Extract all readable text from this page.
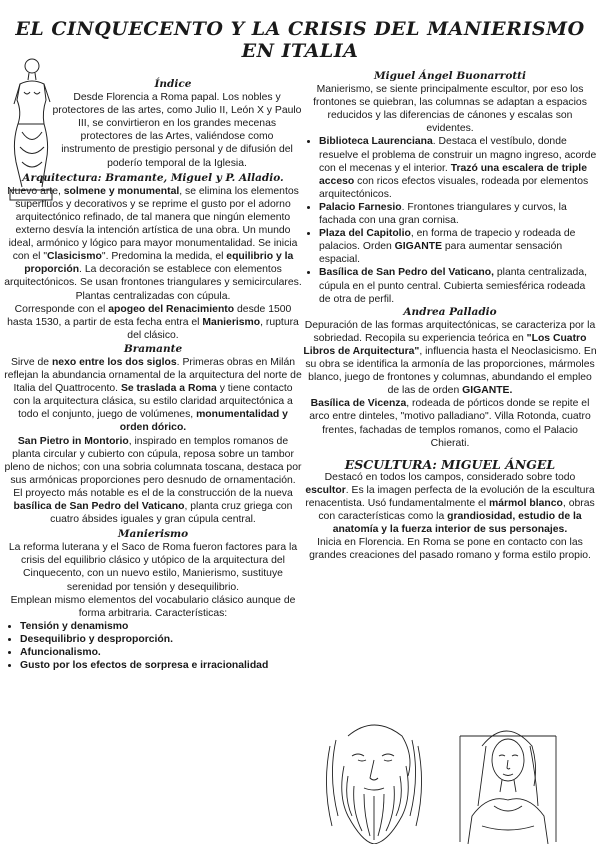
EL CINQUECENTO Y LA CRISIS DEL MANIERISMO EN ITALIA

Índice

Desde Florencia a Roma papal. Los nobles y protectores de las artes, como Julio II, León X y Paulo III, se convirtieron en los grandes mecenas protectores de las Artes, valiéndose como instrumento de prestigio personal y de difusión del poderío temporal de la Iglesia.

Arquitectura: Bramante, Miguel y P. Alladio.

Nuevo arte, solmene y monumental, se elimina los elementos superfluos y decorativos y se reprime el gusto por el adorno arquitectónico refinado, de tal manera que ningún elemento externo desvía la intención artística de una obra. Un mundo ideal, armónico y lógico para mayor monumentalidad. Se inicia con el "Clasicismo". Predomina la medida, el equilibrio y la proporción. La decoración se establece con elementos arquitectónicos. Se usan frontones triangulares y semicirculares. Plantas centralizadas con cúpula.

Corresponde con el apogeo del Renacimiento desde 1500 hasta 1530, a partir de esta fecha entra el Manierismo, ruptura del clásico.

Bramante

Sirve de nexo entre los dos siglos. Primeras obras en Milán reflejan la abundancia ornamental de la arquitectura del norte de Italia del Quattrocento. Se traslada a Roma y tiene contacto con la arquitectura clásica, su estilo claridad arquitectónica a todo el conjunto, juego de volúmenes, monumentalidad y orden dórico.

San Pietro in Montorio, inspirado en templos romanos de planta circular y cubierto con cúpula, reposa sobre un tambor pleno de nichos; con una sobria columnata toscana, destaca por sus armónicas proporciones pero desnudo de ornamentación.

El proyecto más notable es el de la construcción de la nueva basílica de San Pedro del Vaticano, planta cruz griega con cuatro ábsides iguales y gran cúpula central.

Manierismo

La reforma luterana y el Saco de Roma fueron factores para la crisis del equilibrio clásico y utópico de la arquitectura del Cinquecento, con un nuevo estilo, Manierismo, sustituye serenidad por tensión y desequilibrio.

Emplean mismo elementos del vocabulario clásico aunque de forma arbitraria. Características:

• Tensión y denamismo
• Desequilibrio y desproporción.
• Afuncionalismo.
• Gusto por los efectos de sorpresa e irracionalidad

Miguel Ángel Buonarrotti

Manierismo, se siente principalmente escultor, por eso los frontones se quiebran, las columnas se adaptan a espacios reducidos y las diferencias de cánones y escalas son evidentes.

• Biblioteca Laurenciana. Destaca el vestíbulo, donde resuelve el problema de construir un magno ingreso, acorde con el mecenas y el interior. Trazó una escalera de triple acceso con ricos efectos visuales, rodeada por elementos arquitectónicos.
• Palacio Farnesio. Frontones triangulares y curvos, la fachada con una gran cornisa.
• Plaza del Capitolio, en forma de trapecio y rodeada de palacios. Orden GIGANTE para aumentar sensación espacial.
• Basílica de San Pedro del Vaticano, planta centralizada, cúpula en el punto central. Cubierta semiesférica rodeada de otra de perfil.

Andrea Palladio

Depuración de las formas arquitectónicas, se caracteriza por la sobriedad. Recopila su experiencia teórica en "Los Cuatro Libros de Arquitectura", influencia hasta el Neoclasicismo. En su obra se identifica la armonía de las proporciones, mármoles blanco, juego de frontones y columnas, abundando el empleo de las de orden GIGANTE.

Basílica de Vicenza, rodeada de pórticos donde se repite el arco entre dinteles, "motivo palladiano". Villa Rotonda, cuatro frentes, fachadas de templos romanos, como el Palacio Chierati.

ESCULTURA: MIGUEL ÁNGEL

Destacó en todos los campos, considerado sobre todo escultor. Es la imagen perfecta de la evolución de la escultura renacentista. Usó fundamentalmente el mármol blanco, obras con características como la grandiosidad, estudio de la anatomía y la fuerza interior de sus personajes.

Inicia en Florencia. En Roma se pone en contacto con las grandes creaciones del pasado romano y forma estilo propio.
